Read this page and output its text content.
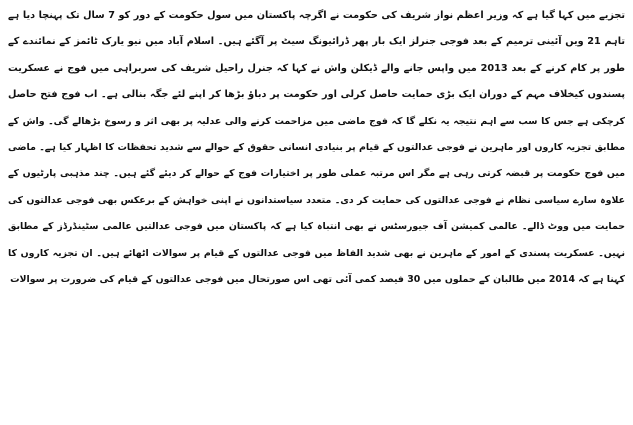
تجزیے میں کہا گیا ہے کہ وزیر اعظم نواز شریف کی حکومت نے اگرچہ پاکستان میں سول حکومت کے دور کو 7 سال تک پہنچا دیا ہے
تاہم 21 ویں آئینی ترمیم کے بعد فوجی جنرلز ایک بار پھر ڈرائیونگ سیٹ پر آگئے ہیں۔ اسلام آباد میں نیو یارک ٹائمز کے نمائندے کے
طور پر کام کرنے کے بعد 2013 میں واپس جانے والے ڈیکلن واش نے کہا کہ جنرل راحیل شریف کی سربراہی میں فوج نے عسکریت
پسندوں کیخلاف مہم کے دوران ایک بڑی حمایت حاصل کرلی اور حکومت پر دباؤ بڑھا کر اپنے لئے جگہ بنالی ہے۔ اب فوج فتح حاصل
کرچکی ہے جس کا سب سے اہم نتیجہ یہ نکلے گا کہ فوج ماضی میں مزاحمت کرنے والی عدلیہ پر بھی اثر و رسوخ بڑھالے گی۔ واش کے
مطابق تجزیہ کاروں اور ماہرین نے فوجی عدالتوں کے قیام پر بنیادی انسانی حقوق کے حوالے سے شدید تحفظات کا اظہار کیا ہے۔ ماضی
میں فوج حکومت پر قبضہ کرتی رہی ہے مگر اس مرتبہ عملی طور پر اختیارات فوج کے حوالے کر دیئے گئے ہیں۔ چند مذہبی پارٹیوں کے
علاوہ سارے سیاسی نظام نے فوجی عدالتوں کی حمایت کر دی۔ متعدد سیاستدانوں نے اپنی خواہش کے برعکس بھی فوجی عدالتوں کی
حمایت میں ووٹ ڈالے۔ عالمی کمیشن آف جیورسٹس نے بھی انتباہ کیا ہے کہ پاکستان میں فوجی عدالتیں عالمی سٹینڈرڈز کے مطابق
نہیں۔ عسکریت پسندی کے امور کے ماہرین نے بھی شدید الفاظ میں فوجی عدالتوں کے قیام پر سوالات اٹھائے ہیں۔ ان تجزیہ کاروں کا
کہنا ہے کہ 2014 میں طالبان کے حملوں میں 30 فیصد کمی آئی تھی اس صورتحال میں فوجی عدالتوں کے قیام کی ضرورت پر سوالات
